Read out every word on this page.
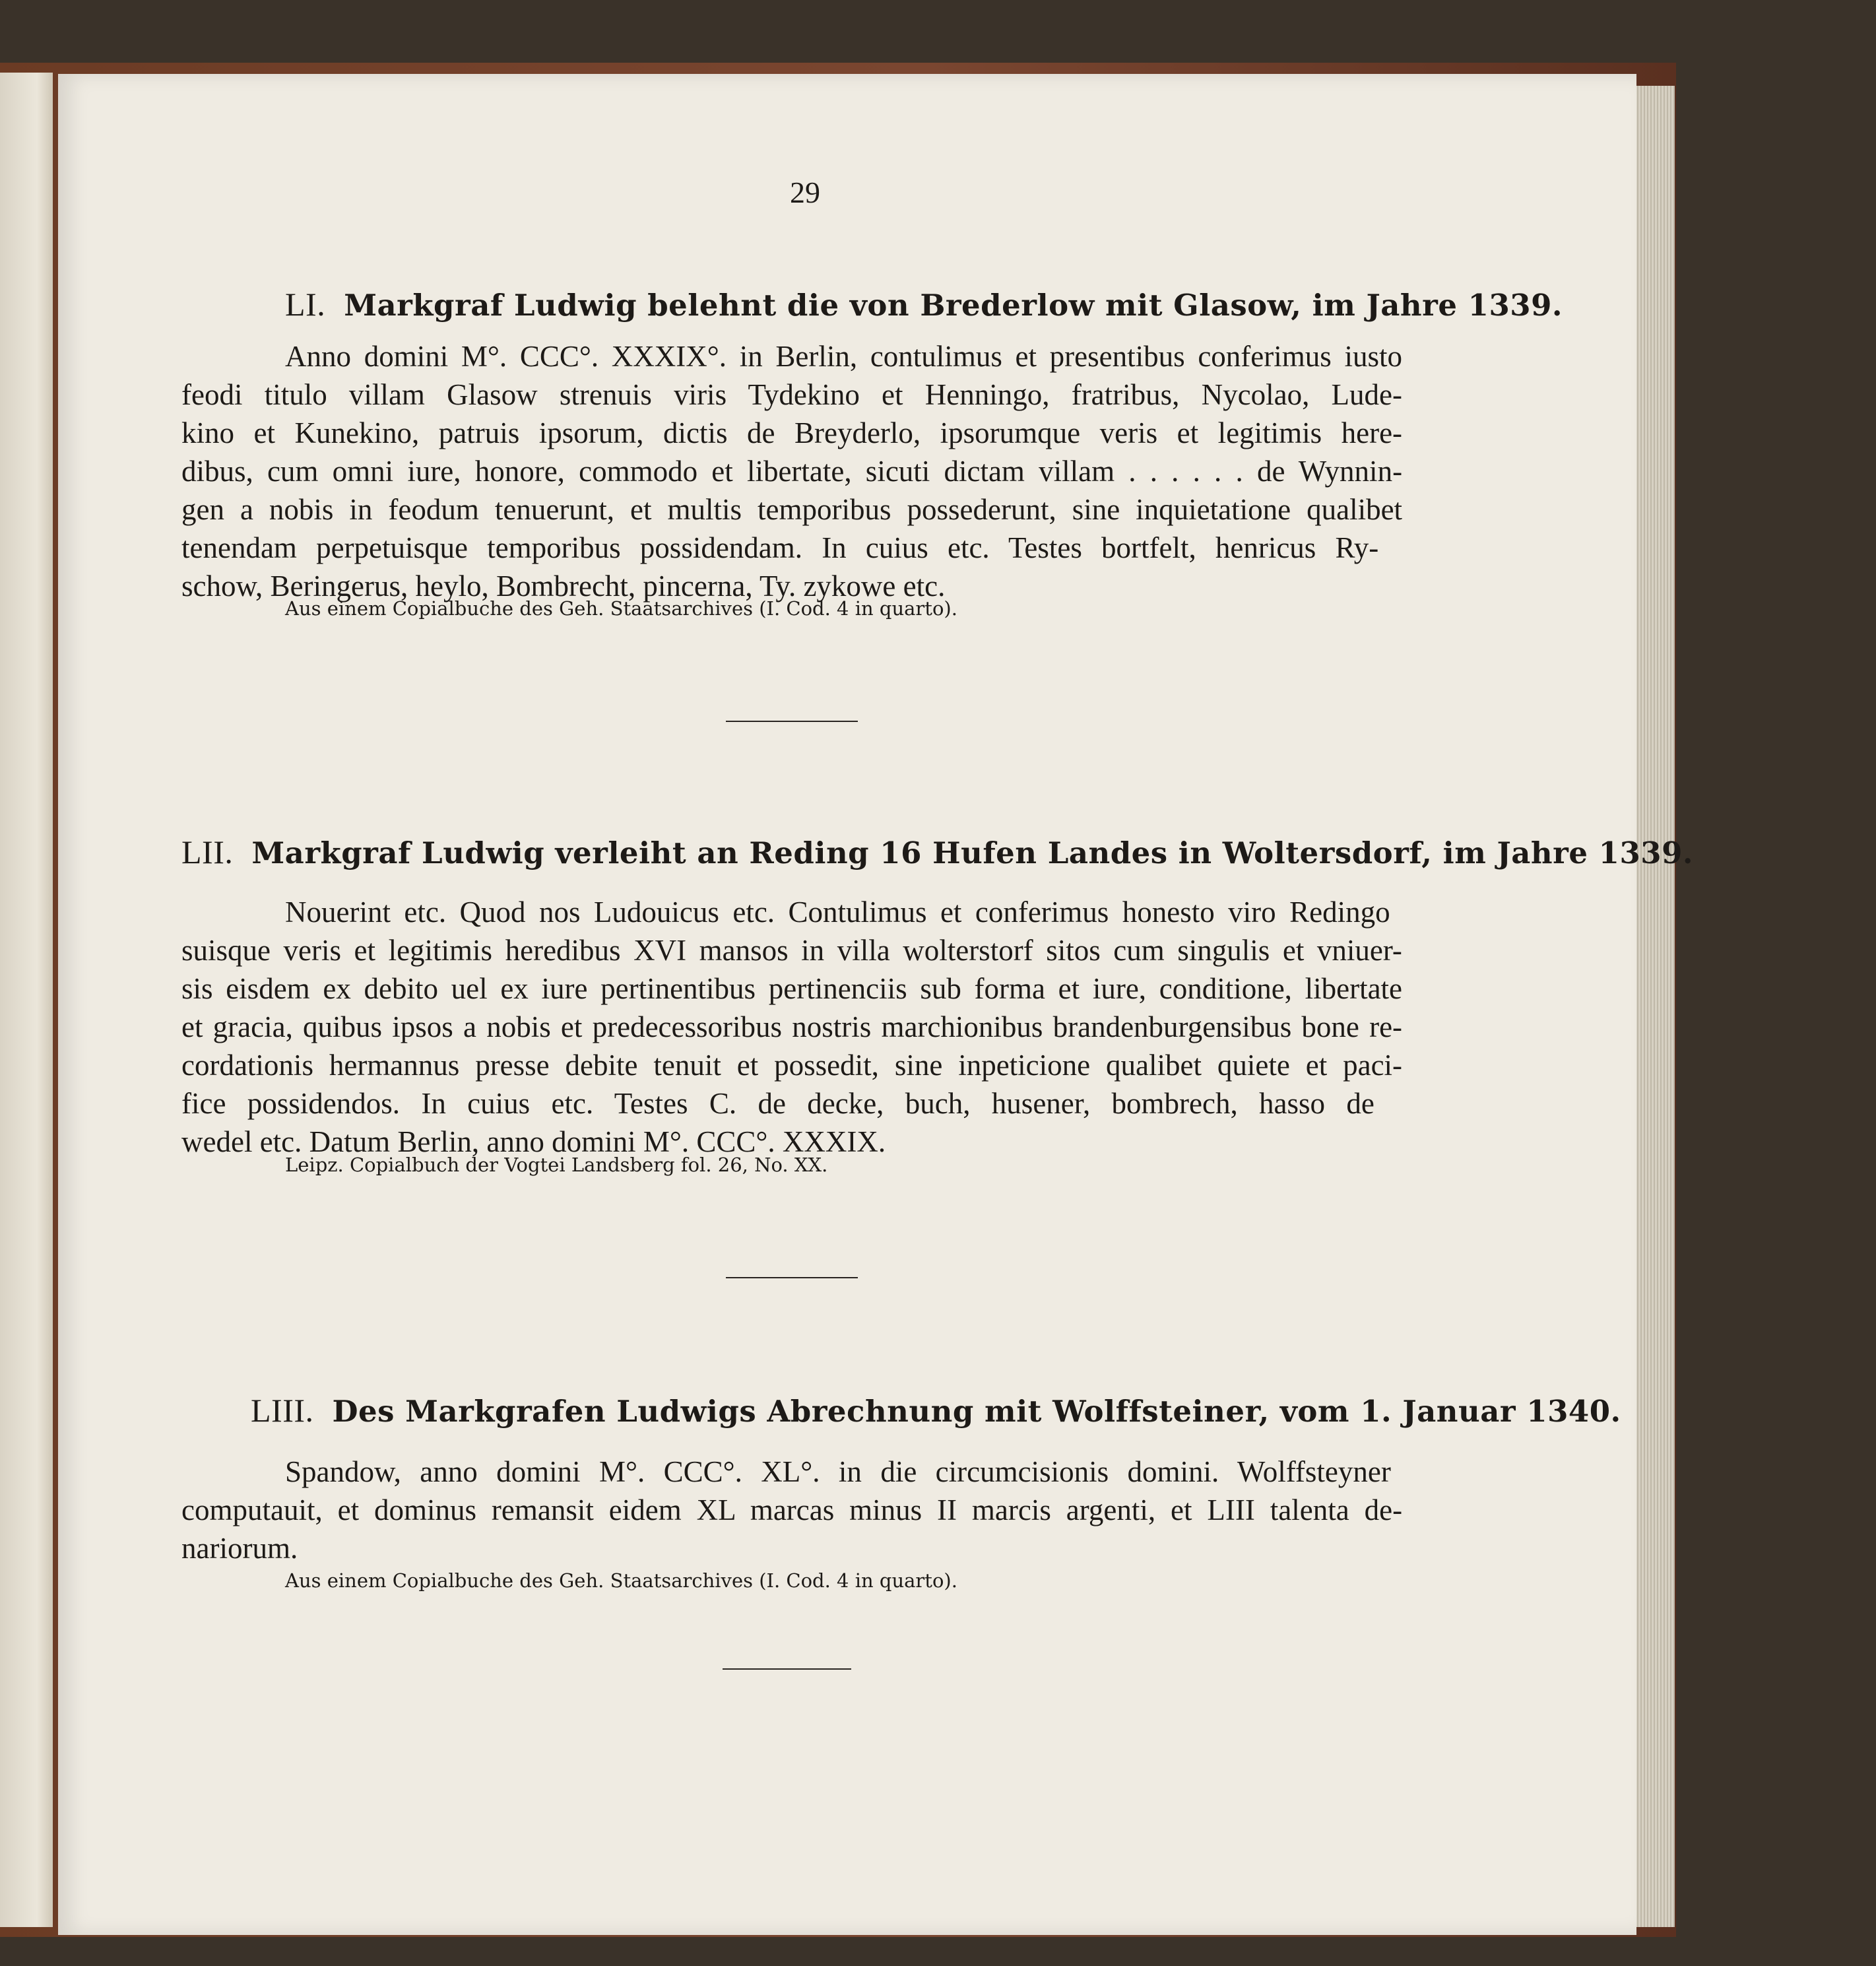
29
LI. Markgraf Ludwig belehnt die von Brederlow mit Glasow, im Jahre 1339.
Anno domini M°. CCC°. XXXIX°. in Berlin, contulimus et presentibus conferimus iusto
feodi titulo villam Glasow strenuis viris Tydekino et Henningo, fratribus, Nycolao, Lude-
kino et Kunekino, patruis ipsorum, dictis de Breyderlo, ipsorumque veris et legitimis here-
dibus, cum omni iure, honore, commodo et libertate, sicuti dictam villam . . . . . . de Wynnin-
gen a nobis in feodum tenuerunt, et multis temporibus possederunt, sine inquietatione qualibet
tenendam perpetuisque temporibus possidendam. In cuius etc. Testes bortfelt, henricus Ry-
schow, Beringerus, heylo, Bombrecht, pincerna, Ty. zykowe etc.
Aus einem Copialbuche des Geh. Staatsarchives (I. Cod. 4 in quarto).
LII. Markgraf Ludwig verleiht an Reding 16 Hufen Landes in Woltersdorf, im Jahre 1339.
Nouerint etc. Quod nos Ludouicus etc. Contulimus et conferimus honesto viro Redingo
suisque veris et legitimis heredibus XVI mansos in villa wolterstorf sitos cum singulis et vniuer-
sis eisdem ex debito uel ex iure pertinentibus pertinenciis sub forma et iure, conditione, libertate
et gracia, quibus ipsos a nobis et predecessoribus nostris marchionibus brandenburgensibus bone re-
cordationis hermannus presse debite tenuit et possedit, sine inpeticione qualibet quiete et paci-
fice possidendos. In cuius etc. Testes C. de decke, buch, husener, bombrech, hasso de
wedel etc. Datum Berlin, anno domini M°. CCC°. XXXIX.
Leipz. Copialbuch der Vogtei Landsberg fol. 26, No. XX.
LIII. Des Markgrafen Ludwigs Abrechnung mit Wolffsteiner, vom 1. Januar 1340.
Spandow, anno domini M°. CCC°. XL°. in die circumcisionis domini. Wolffsteyner
computauit, et dominus remansit eidem XL marcas minus II marcis argenti, et LIII talenta de-
nariorum.
Aus einem Copialbuche des Geh. Staatsarchives (I. Cod. 4 in quarto).
